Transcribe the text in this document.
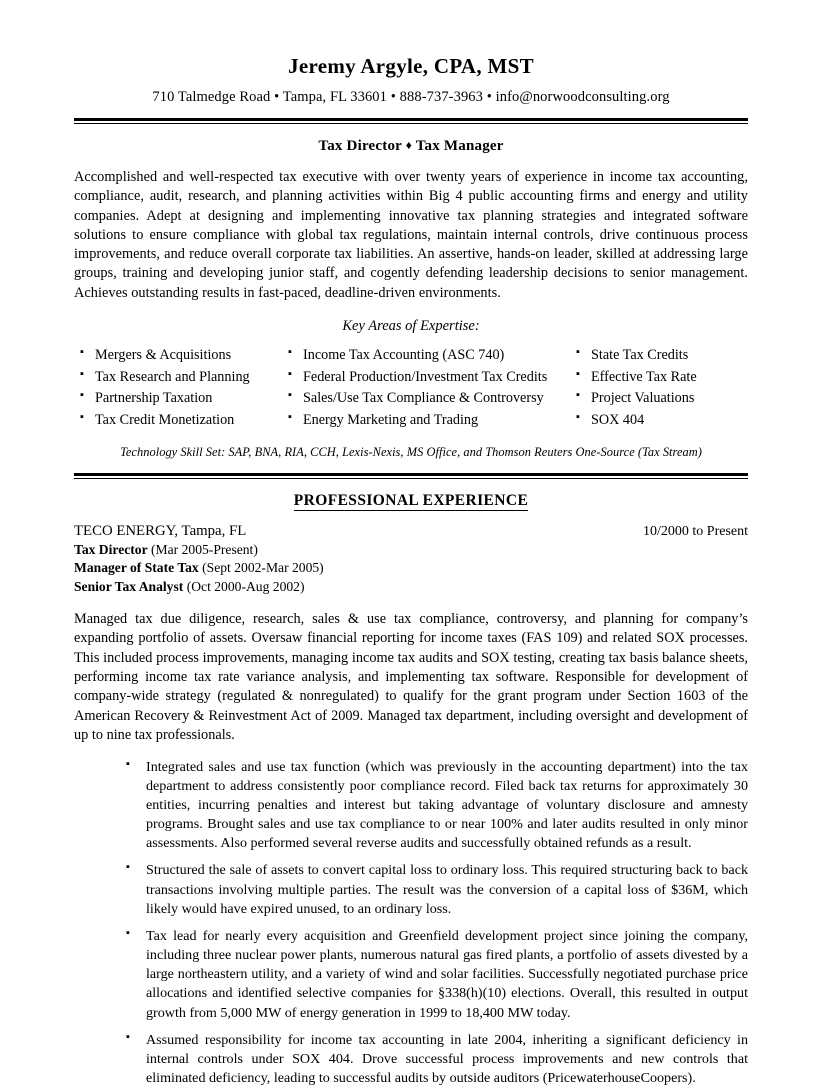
Jeremy Argyle, CPA, MST
710 Talmedge Road • Tampa, FL 33601 • 888-737-3963 • info@norwoodconsulting.org
Tax Director ♦ Tax Manager
Accomplished and well-respected tax executive with over twenty years of experience in income tax accounting, compliance, audit, research, and planning activities within Big 4 public accounting firms and energy and utility companies. Adept at designing and implementing innovative tax planning strategies and integrated software solutions to ensure compliance with global tax regulations, maintain internal controls, drive continuous process improvements, and reduce overall corporate tax liabilities. An assertive, hands-on leader, skilled at addressing large groups, training and developing junior staff, and cogently defending leadership decisions to senior management. Achieves outstanding results in fast-paced, deadline-driven environments.
Key Areas of Expertise:
▪ Mergers & Acquisitions
▪ Tax Research and Planning
▪ Partnership Taxation
▪ Tax Credit Monetization
▪ Income Tax Accounting (ASC 740)
▪ Federal Production/Investment Tax Credits
▪ Sales/Use Tax Compliance & Controversy
▪ Energy Marketing and Trading
▪ State Tax Credits
▪ Effective Tax Rate
▪ Project Valuations
▪ SOX 404
Technology Skill Set: SAP, BNA, RIA, CCH, Lexis-Nexis, MS Office, and Thomson Reuters One-Source (Tax Stream)
PROFESSIONAL EXPERIENCE
TECO ENERGY, Tampa, FL	10/2000 to Present
Tax Director (Mar 2005-Present)
Manager of State Tax (Sept 2002-Mar 2005)
Senior Tax Analyst (Oct 2000-Aug 2002)
Managed tax due diligence, research, sales & use tax compliance, controversy, and planning for company’s expanding portfolio of assets. Oversaw financial reporting for income taxes (FAS 109) and related SOX processes. This included process improvements, managing income tax audits and SOX testing, creating tax basis balance sheets, performing income tax rate variance analysis, and implementing tax software. Responsible for development of company-wide strategy (regulated & nonregulated) to qualify for the grant program under Section 1603 of the American Recovery & Reinvestment Act of 2009. Managed tax department, including oversight and development of up to nine tax professionals.
▪ Integrated sales and use tax function (which was previously in the accounting department) into the tax department to address consistently poor compliance record. Filed back tax returns for approximately 30 entities, incurring penalties and interest but taking advantage of voluntary disclosure and amnesty programs. Brought sales and use tax compliance to or near 100% and later audits resulted in only minor assessments. Also performed several reverse audits and successfully obtained refunds as a result.
▪ Structured the sale of assets to convert capital loss to ordinary loss. This required structuring back to back transactions involving multiple parties. The result was the conversion of a capital loss of $36M, which likely would have expired unused, to an ordinary loss.
▪ Tax lead for nearly every acquisition and Greenfield development project since joining the company, including three nuclear power plants, numerous natural gas fired plants, a portfolio of assets divested by a large northeastern utility, and a variety of wind and solar facilities. Successfully negotiated purchase price allocations and identified selective companies for §338(h)(10) elections. Overall, this resulted in output growth from 5,000 MW of energy generation in 1999 to 18,400 MW today.
▪ Assumed responsibility for income tax accounting in late 2004, inheriting a significant deficiency in internal controls under SOX 404. Drove successful process improvements and new controls that eliminated deficiency, leading to successful audits by outside auditors (PricewaterhouseCoopers).
